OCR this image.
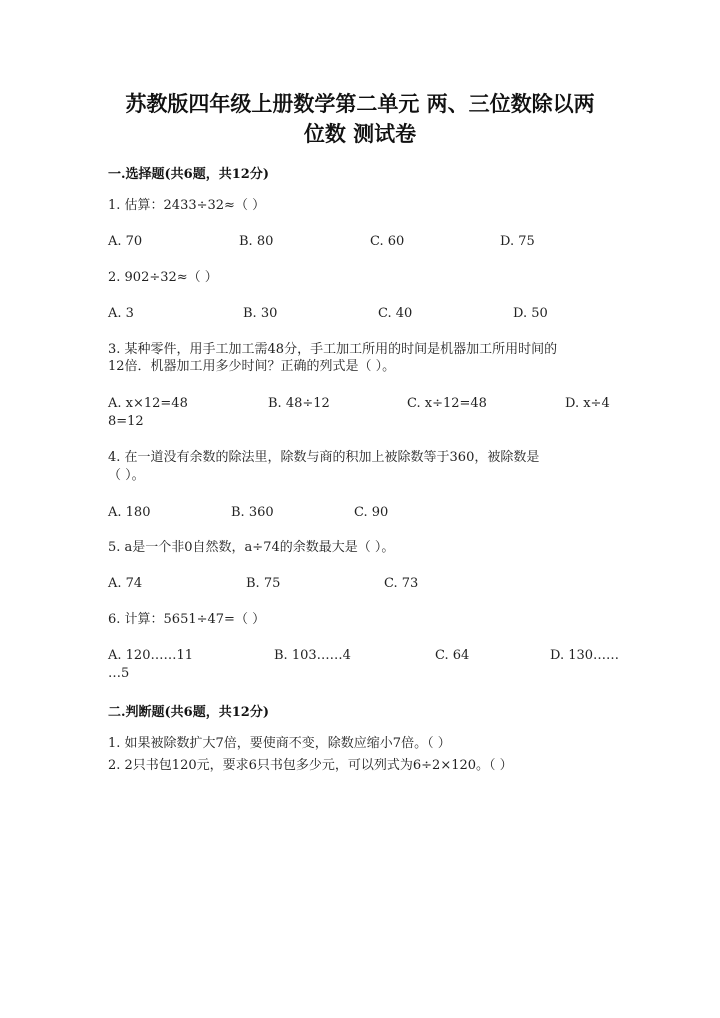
苏教版四年级上册数学第二单元 两、三位数除以两
位数 测试卷
一.选择题(共6题，共12分)
1. 估算：2433÷32≈（ ）
A. 70	B. 80	C. 60	D. 75
2. 902÷32≈（ ）
A. 3	B. 30	C. 40	D. 50
3. 某种零件，用手工加工需48分，手工加工所用的时间是机器加工所用时间的
12倍．机器加工用多少时间？正确的列式是（ ）。
A. x×12=48	B. 48÷12	C. x÷12=48	D. x÷4
8=12
4. 在一道没有余数的除法里，除数与商的积加上被除数等于360，被除数是
（ ）。
A. 180	B. 360	C. 90
5. a是一个非0自然数，a÷74的余数最大是（ ）。
A. 74	B. 75	C. 73
6. 计算：5651÷47=（ ）
A. 120……11	B. 103……4	C. 64	D. 130……
…5
二.判断题(共6题，共12分)
1. 如果被除数扩大7倍，要使商不变，除数应缩小7倍。（ ）
2. 2只书包120元，要求6只书包多少元，可以列式为6÷2×120。（ ）
